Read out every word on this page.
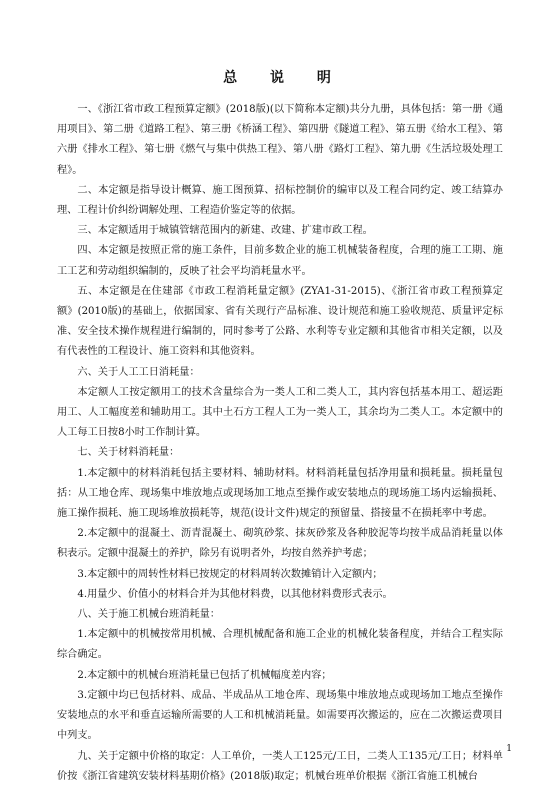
总 说 明

一、《浙江省市政工程预算定额》(2018版)(以下简称本定额)共分九册，具体包括：第一册《通用项目》、第二册《道路工程》、第三册《桥涵工程》、第四册《隧道工程》、第五册《给水工程》、第六册《排水工程》、第七册《燃气与集中供热工程》、第八册《路灯工程》、第九册《生活垃圾处理工程》。

二、本定额是指导设计概算、施工图预算、招标控制价的编审以及工程合同约定、竣工结算办理、工程计价纠纷调解处理、工程造价鉴定等的依据。

三、本定额适用于城镇管辖范围内的新建、改建、扩建市政工程。

四、本定额是按照正常的施工条件，目前多数企业的施工机械装备程度，合理的施工工期、施工工艺和劳动组织编制的，反映了社会平均消耗量水平。

五、本定额是在住建部《市政工程消耗量定额》(ZYA1-31-2015)、《浙江省市政工程预算定额》(2010版)的基础上，依据国家、省有关现行产品标准、设计规范和施工验收规范、质量评定标准、安全技术操作规程进行编制的，同时参考了公路、水利等专业定额和其他省市相关定额，以及有代表性的工程设计、施工资料和其他资料。

六、关于人工工日消耗量：

本定额人工按定额用工的技术含量综合为一类人工和二类人工，其内容包括基本用工、超运距用工、人工幅度差和辅助用工。其中土石方工程人工为一类人工，其余均为二类人工。本定额中的人工每工日按8小时工作制计算。

七、关于材料消耗量：

1.本定额中的材料消耗包括主要材料、辅助材料。材料消耗量包括净用量和损耗量。损耗量包括：从工地仓库、现场集中堆放地点或现场加工地点至操作或安装地点的现场施工场内运输损耗、施工操作损耗、施工现场堆放损耗等，规范(设计文件)规定的预留量、搭接量不在损耗率中考虑。

2.本定额中的混凝土、沥青混凝土、砌筑砂浆、抹灰砂浆及各种胶泥等均按半成品消耗量以体积表示。定额中混凝土的养护，除另有说明者外，均按自然养护考虑；

3.本定额中的周转性材料已按规定的材料周转次数摊销计入定额内；

4.用量少、价值小的材料合并为其他材料费，以其他材料费形式表示。

八、关于施工机械台班消耗量：

1.本定额中的机械按常用机械、合理机械配备和施工企业的机械化装备程度，并结合工程实际综合确定。

2.本定额中的机械台班消耗量已包括了机械幅度差内容；

3.定额中均已包括材料、成品、半成品从工地仓库、现场集中堆放地点或现场加工地点至操作安装地点的水平和垂直运输所需要的人工和机械消耗量。如需要再次搬运的，应在二次搬运费项目中列支。

九、关于定额中价格的取定：人工单价，一类人工125元/工日，二类人工135元/工日；材料单价按《浙江省建筑安装材料基期价格》(2018版)取定；机械台班单价根据《浙江省施工机械台

1
